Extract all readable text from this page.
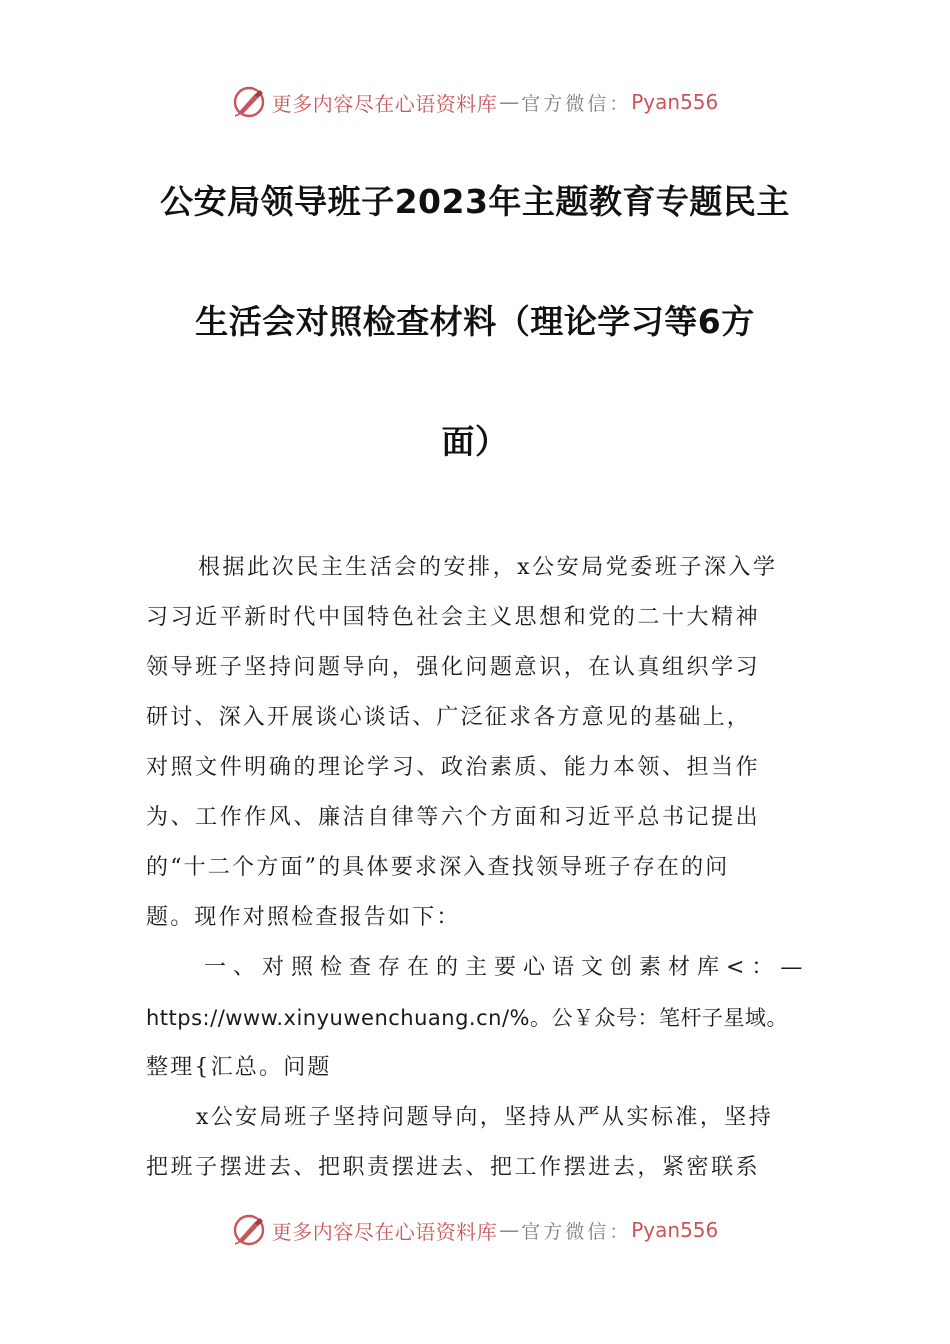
更多内容尽在心语资料库 — 官方微信： Pyan556
公安局领导班子2023年主题教育专题民主
生活会对照检查材料（理论学习等6方
面）
根据此次民主生活会的安排，x公安局党委班子深入学
习习近平新时代中国特色社会主义思想和党的二十大精神
领导班子坚持问题导向，强化问题意识，在认真组织学习
研讨、深入开展谈心谈话、广泛征求各方意见的基础上，
对照文件明确的理论学习、政治素质、能力本领、担当作
为、工作作风、廉洁自律等六个方面和习近平总书记提出
的“十二个方面”的具体要求深入查找领导班子存在的问
题。现作对照检查报告如下：
一、对照检查存在的主要心语文创素材库<：—
https://www.xinyuwenchuang.cn/%。公￥众号：笔杆子星域。
整理{汇总。问题
x公安局班子坚持问题导向，坚持从严从实标准，坚持
把班子摆进去、把职责摆进去、把工作摆进去，紧密联系
更多内容尽在心语资料库 — 官方微信： Pyan556
